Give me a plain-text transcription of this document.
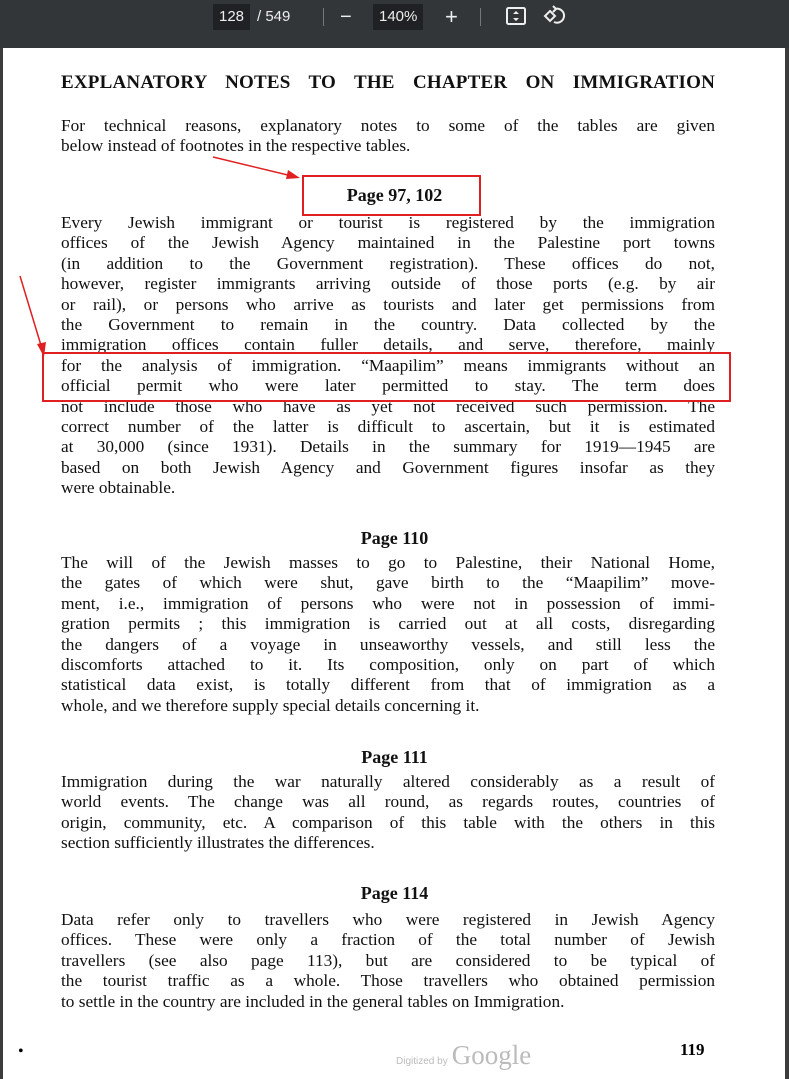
128 / 549 −	140% +
EXPLANATORY NOTES TO THE CHAPTER ON IMMIGRATION
For technical reasons, explanatory notes to some of the tables are given
below instead of footnotes in the respective tables.
Page 97, 102
Every Jewish immigrant or tourist is registered by the immigration
offices of the Jewish Agency maintained in the Palestine port towns
(in addition to the Government registration). These offices do not,
however, register immigrants arriving outside of those ports (e.g. by air
or rail), or persons who arrive as tourists and later get permissions from
the Government to remain in the country. Data collected by the
immigration offices contain fuller details, and serve, therefore, mainly
for the analysis of immigration. “Maapilim” means immigrants without an
official permit who were later permitted to stay. The term does
not include those who have as yet not received such permission. The
correct number of the latter is difficult to ascertain, but it is estimated
at 30,000 (since 1931). Details in the summary for 1919—1945 are
based on both Jewish Agency and Government figures insofar as they
were obtainable.
Page 110
The will of the Jewish masses to go to Palestine, their National Home,
the gates of which were shut, gave birth to the “Maapilim” move-
ment, i.e., immigration of persons who were not in possession of immi-
gration permits ; this immigration is carried out at all costs, disregarding
the dangers of a voyage in unseaworthy vessels, and still less the
discomforts attached to it. Its composition, only on part of which
statistical data exist, is totally different from that of immigration as a
whole, and we therefore supply special details concerning it.
Page 111
Immigration during the war naturally altered considerably as a result of
world events. The change was all round, as regards routes, countries of
origin, community, etc. A comparison of this table with the others in this
section sufficiently illustrates the differences.
Page 114
Data refer only to travellers who were registered in Jewish Agency
offices. These were only a fraction of the total number of Jewish
travellers (see also page 113), but are considered to be typical of
the tourist traffic as a whole. Those travellers who obtained permission
to settle in the country are included in the general tables on Immigration.
•
Digitized by Google	119
